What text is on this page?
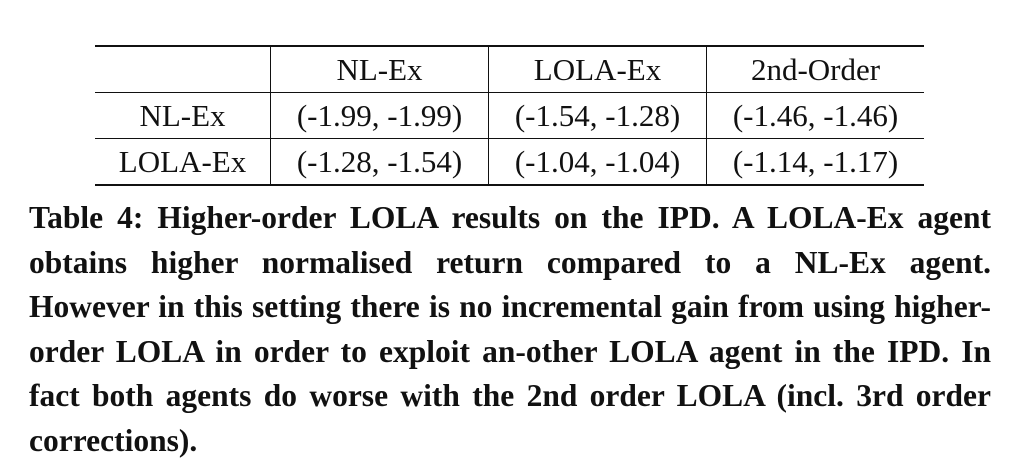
	NL-Ex	LOLA-Ex	2nd-Order
NL-Ex	(-1.99, -1.99)	(-1.54, -1.28)	(-1.46, -1.46)
LOLA-Ex	(-1.28, -1.54)	(-1.04, -1.04)	(-1.14, -1.17)

Table 4: Higher-order LOLA results on the IPD. A LOLA-Ex agent obtains higher normalised return compared to a NL-Ex agent. However in this setting there is no incremental gain from using higher-order LOLA in order to exploit an-other LOLA agent in the IPD. In fact both agents do worse with the 2nd order LOLA (incl. 3rd order corrections).
